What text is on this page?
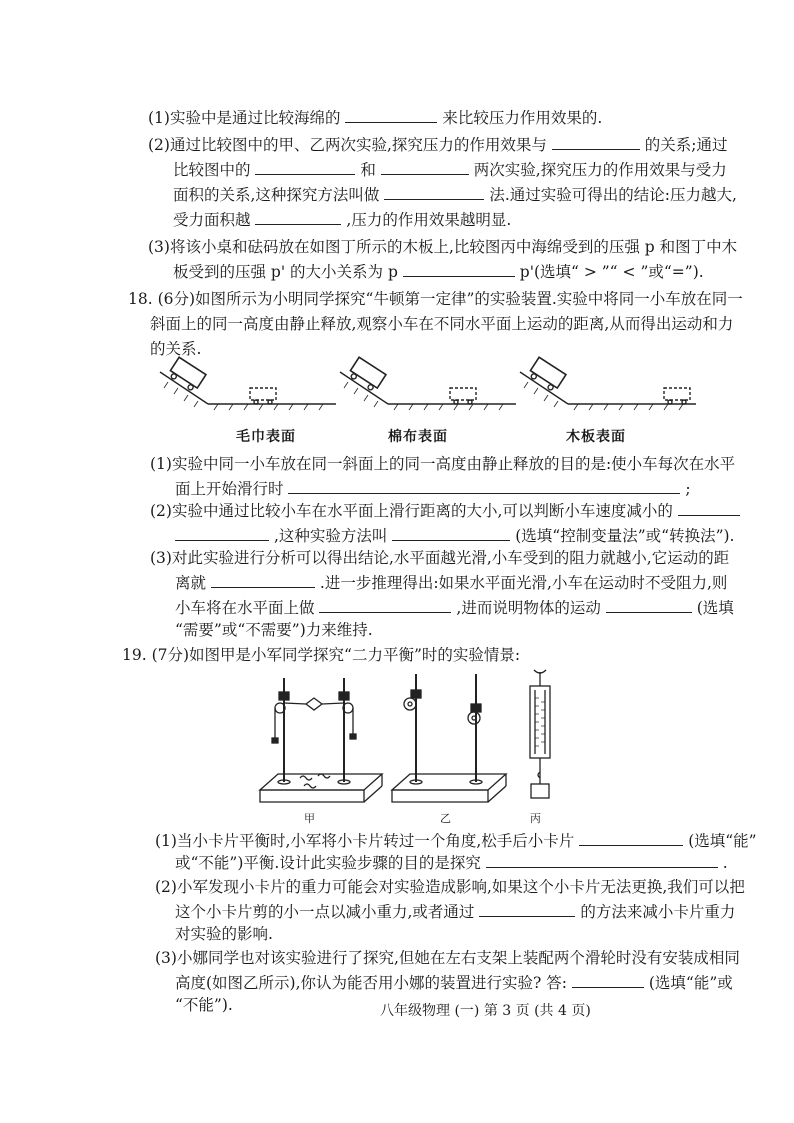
(1)实验中是通过比较海绵的	来比较压力作用效果的.
(2)通过比较图中的甲、乙两次实验,探究压力的作用效果与	的关系;通过
比较图中的	和	两次实验,探究压力的作用效果与受力
面积的关系,这种探究方法叫做	法.通过实验可得出的结论:压力越大,
受力面积越	,压力的作用效果越明显.
(3)将该小桌和砝码放在如图丁所示的木板上,比较图丙中海绵受到的压强 p 和图丁中木
板受到的压强 p' 的大小关系为 p	p'(选填“ > ”“ < ”或“=”).
18. (6分)如图所示为小明同学探究“牛顿第一定律”的实验装置.实验中将同一小车放在同一
斜面上的同一高度由静止释放,观察小车在不同水平面上运动的距离,从而得出运动和力
的关系.
毛巾表面	棉布表面	木板表面
(1)实验中同一小车放在同一斜面上的同一高度由静止释放的目的是:使小车每次在水平
面上开始滑行时	;
(2)实验中通过比较小车在水平面上滑行距离的大小,可以判断小车速度减小的
,这种实验方法叫	(选填“控制变量法”或“转换法”).
(3)对此实验进行分析可以得出结论,水平面越光滑,小车受到的阻力就越小,它运动的距
离就	.进一步推理得出:如果水平面光滑,小车在运动时不受阻力,则
小车将在水平面上做	,进而说明物体的运动	(选填
“需要”或“不需要”)力来维持.
19. (7分)如图甲是小军同学探究“二力平衡”时的实验情景:
甲	乙	丙
(1)当小卡片平衡时,小军将小卡片转过一个角度,松手后小卡片	(选填“能”
或“不能”)平衡.设计此实验步骤的目的是探究	.
(2)小军发现小卡片的重力可能会对实验造成影响,如果这个小卡片无法更换,我们可以把
这个小卡片剪的小一点以减小重力,或者通过	的方法来减小卡片重力
对实验的影响.
(3)小娜同学也对该实验进行了探究,但她在左右支架上装配两个滑轮时没有安装成相同
高度(如图乙所示),你认为能否用小娜的装置进行实验? 答:	(选填“能”或
“不能”).	八年级物理 (一) 第 3 页 (共 4 页)
